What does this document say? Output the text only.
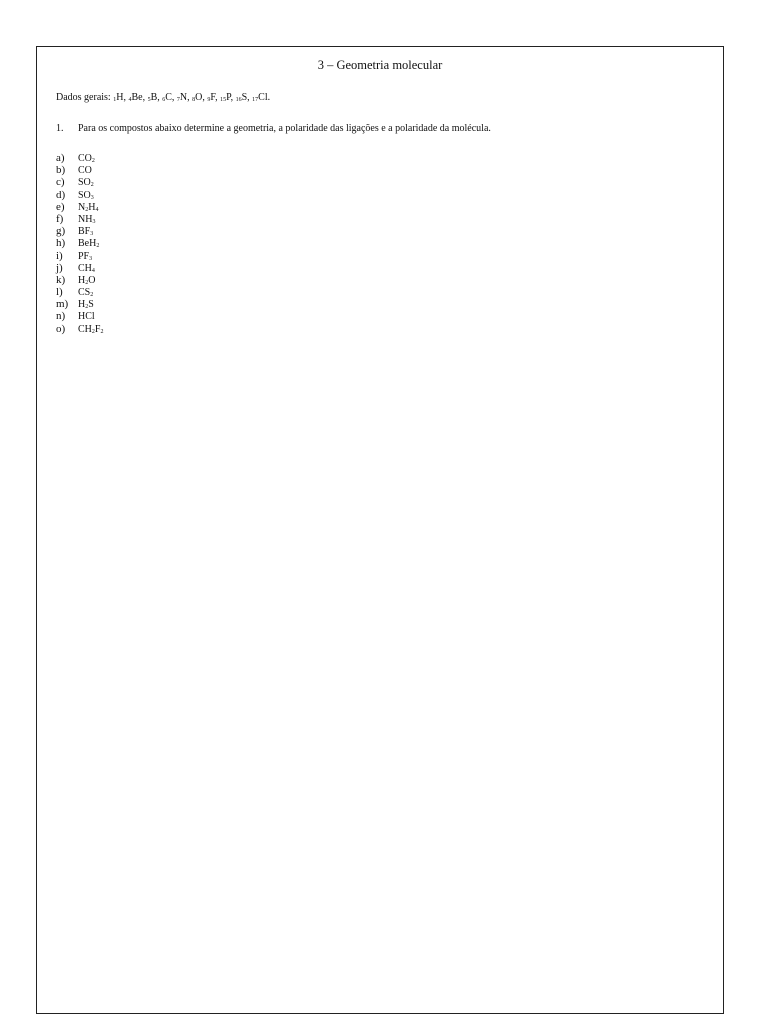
3 – Geometria molecular
Dados gerais: $_1$H, $_4$Be, $_5$B, $_6$C, $_7$N, $_8$O, $_9$F, $_{15}$P, $_{16}$S, $_{17}$Cl.
1. Para os compostos abaixo determine a geometria, a polaridade das ligações e a polaridade da molécula.
a) $CO_2$
b) CO
c) $SO_2$
d) $SO_3$
e) $N_2H_4$
f) $NH_3$
g) $BF_3$
h) BeH$_2$
i) $PF_3$
j) $CH_4$
k) $H_2O$
l) $CS_2$
m) $H_2S$
n) HCl
o) $CH_2F_2$
